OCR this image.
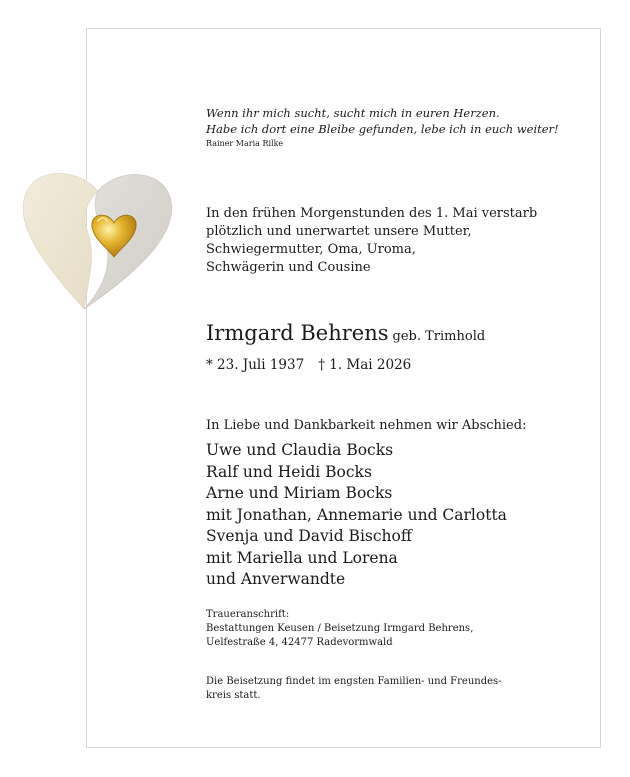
Wenn ihr mich sucht, sucht mich in euren Herzen.
Habe ich dort eine Bleibe gefunden, lebe ich in euch weiter!
Rainer Maria Rilke
In den frühen Morgenstunden des 1. Mai verstarb
plötzlich und unerwartet unsere Mutter,
Schwiegermutter, Oma, Uroma,
Schwägerin und Cousine
Irmgard Behrens geb. Trimhold
* 23. Juli 1937 † 1. Mai 2026
In Liebe und Dankbarkeit nehmen wir Abschied:
Uwe und Claudia Bocks
Ralf und Heidi Bocks
Arne und Miriam Bocks
mit Jonathan, Annemarie und Carlotta
Svenja und David Bischoff
mit Mariella und Lorena
und Anverwandte
Traueranschrift:
Bestattungen Keusen / Beisetzung Irmgard Behrens,
Uelfestraße 4, 42477 Radevormwald
Die Beisetzung findet im engsten Familien- und Freundes-
kreis statt.
